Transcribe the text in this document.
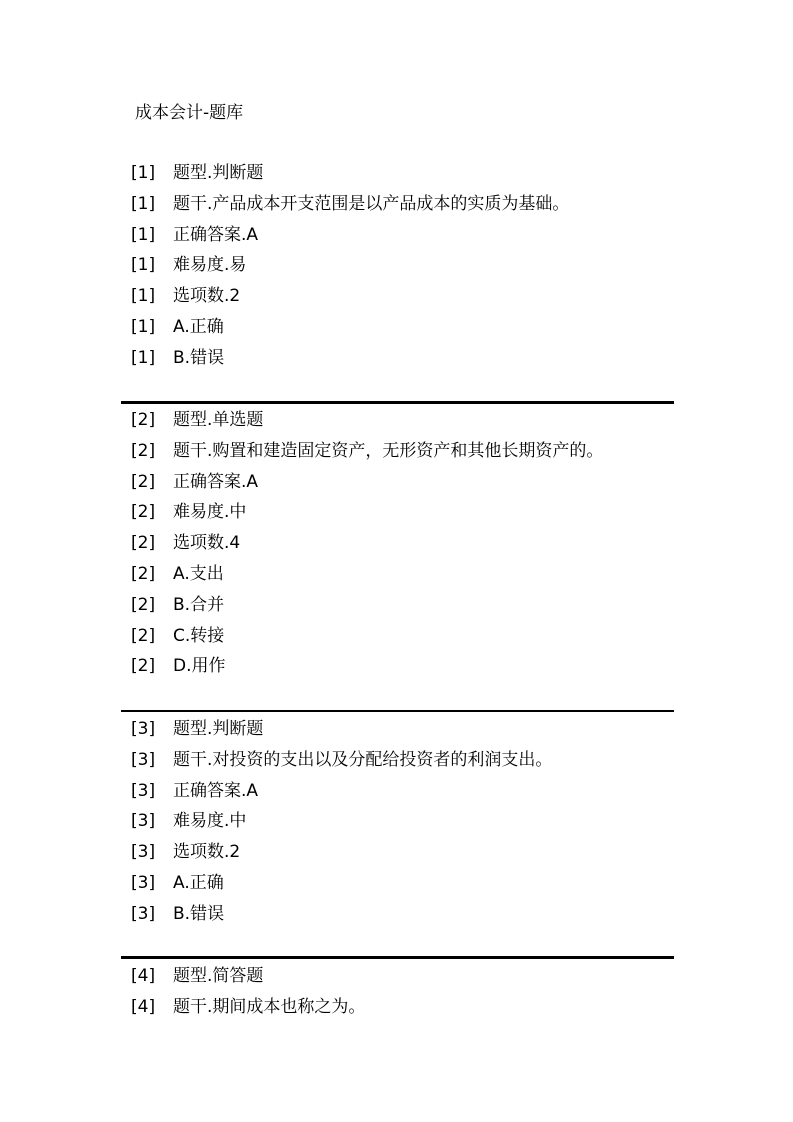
成本会计-题库
[1] 题型.判断题
[1] 题干.产品成本开支范围是以产品成本的实质为基础。
[1] 正确答案.A
[1] 难易度.易
[1] 选项数.2
[1] A.正确
[1] B.错误
[2] 题型.单选题
[2] 题干.购置和建造固定资产，无形资产和其他长期资产的。
[2] 正确答案.A
[2] 难易度.中
[2] 选项数.4
[2] A.支出
[2] B.合并
[2] C.转接
[2] D.用作
[3] 题型.判断题
[3] 题干.对投资的支出以及分配给投资者的利润支出。
[3] 正确答案.A
[3] 难易度.中
[3] 选项数.2
[3] A.正确
[3] B.错误
[4] 题型.简答题
[4] 题干.期间成本也称之为。
